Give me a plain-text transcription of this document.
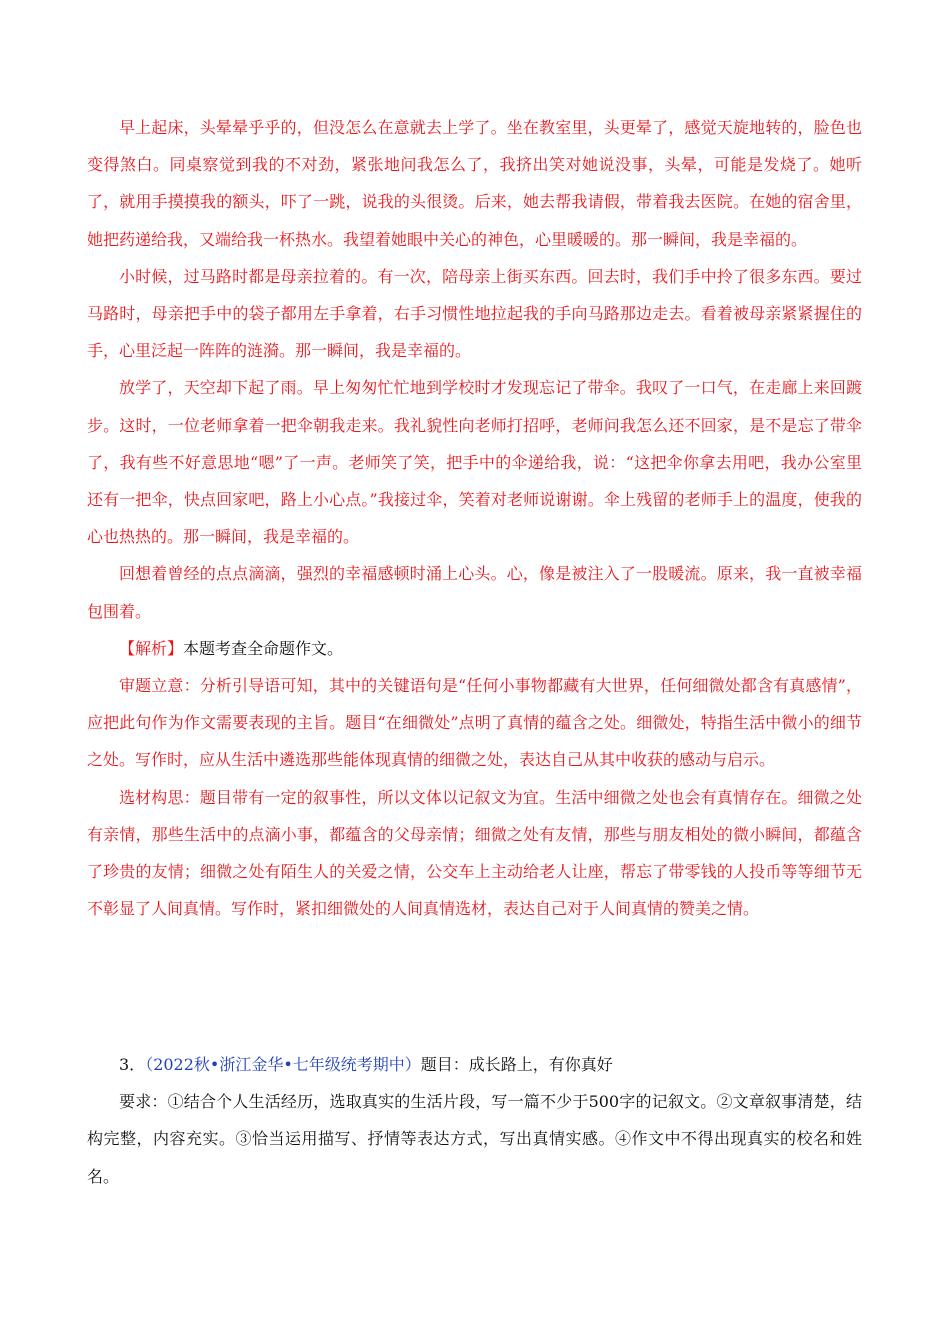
早上起床，头晕晕乎乎的，但没怎么在意就去上学了。坐在教室里，头更晕了，感觉天旋地转的，脸色也变得煞白。同桌察觉到我的不对劲，紧张地问我怎么了，我挤出笑对她说没事，头晕，可能是发烧了。她听了，就用手摸摸我的额头，吓了一跳，说我的头很烫。后来，她去帮我请假，带着我去医院。在她的宿舍里，她把药递给我，又端给我一杯热水。我望着她眼中关心的神色，心里暖暖的。那一瞬间，我是幸福的。

小时候，过马路时都是母亲拉着的。有一次，陪母亲上街买东西。回去时，我们手中拎了很多东西。要过马路时，母亲把手中的袋子都用左手拿着，右手习惯性地拉起我的手向马路那边走去。看着被母亲紧紧握住的手，心里泛起一阵阵的涟漪。那一瞬间，我是幸福的。

放学了，天空却下起了雨。早上匆匆忙忙地到学校时才发现忘记了带伞。我叹了一口气，在走廊上来回踱步。这时，一位老师拿着一把伞朝我走来。我礼貌性向老师打招呼，老师问我怎么还不回家，是不是忘了带伞了，我有些不好意思地“嗯”了一声。老师笑了笑，把手中的伞递给我，说：“这把伞你拿去用吧，我办公室里还有一把伞，快点回家吧，路上小心点。”我接过伞，笑着对老师说谢谢。伞上残留的老师手上的温度，使我的心也热热的。那一瞬间，我是幸福的。

回想着曾经的点点滴滴，强烈的幸福感顿时涌上心头。心，像是被注入了一股暖流。原来，我一直被幸福包围着。

【解析】本题考查全命题作文。

审题立意：分析引导语可知，其中的关键语句是“任何小事物都藏有大世界，任何细微处都含有真感情”，应把此句作为作文需要表现的主旨。题目“在细微处”点明了真情的蕴含之处。细微处，特指生活中微小的细节之处。写作时，应从生活中遴选那些能体现真情的细微之处，表达自己从其中收获的感动与启示。

选材构思：题目带有一定的叙事性，所以文体以记叙文为宜。生活中细微之处也会有真情存在。细微之处有亲情，那些生活中的点滴小事，都蕴含的父母亲情；细微之处有友情，那些与朋友相处的微小瞬间，都蕴含了珍贵的友情；细微之处有陌生人的关爱之情，公交车上主动给老人让座，帮忘了带零钱的人投币等等细节无不彰显了人间真情。写作时，紧扣细微处的人间真情选材，表达自己对于人间真情的赞美之情。

3．（2022秋•浙江金华•七年级统考期中）题目：成长路上，有你真好

要求：①结合个人生活经历，选取真实的生活片段，写一篇不少于500字的记叙文。②文章叙事清楚，结构完整，内容充实。③恰当运用描写、抒情等表达方式，写出真情实感。④作文中不得出现真实的校名和姓名。
